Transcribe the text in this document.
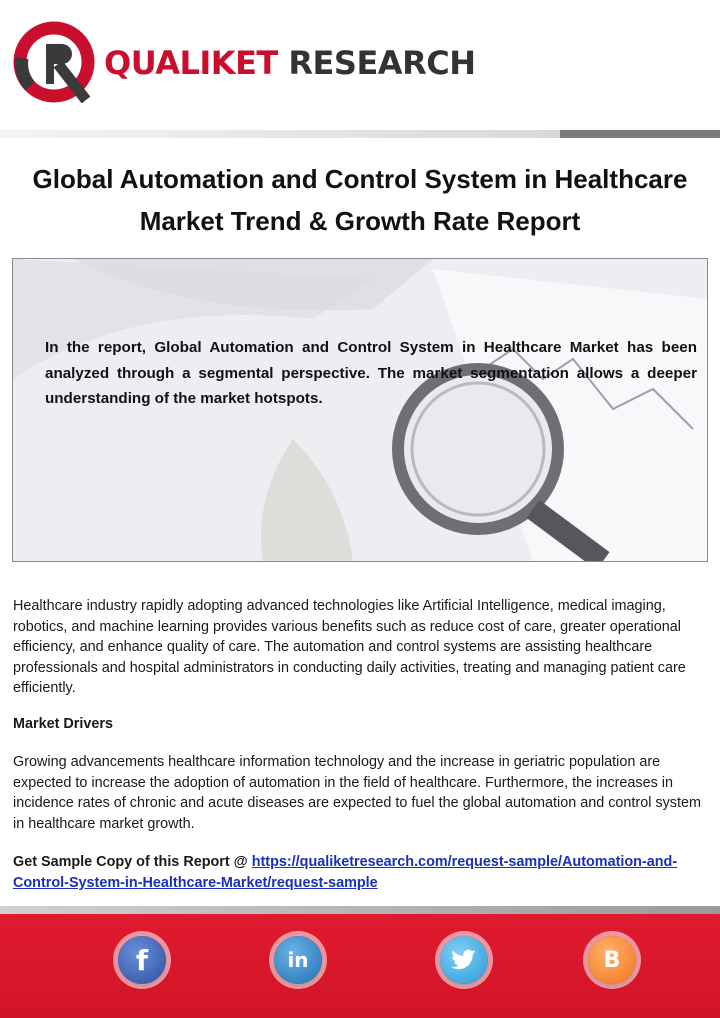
QUALIKET RESEARCH
Global Automation and Control System in Healthcare
Market Trend & Growth Rate Report
In the report, Global Automation and Control System in Healthcare Market has been analyzed through a segmental perspective. The market segmentation allows a deeper understanding of the market hotspots.
Healthcare industry rapidly adopting advanced technologies like Artificial Intelligence, medical imaging, robotics, and machine learning provides various benefits such as reduce cost of care, greater operational efficiency, and enhance quality of care. The automation and control systems are assisting healthcare professionals and hospital administrators in conducting daily activities, treating and managing patient care efficiently.
Market Drivers
Growing advancements healthcare information technology and the increase in geriatric population are expected to increase the adoption of automation in the field of healthcare. Furthermore, the increases in incidence rates of chronic and acute diseases are expected to fuel the global automation and control system in healthcare market growth.
Get Sample Copy of this Report @ https://qualiketresearch.com/request-sample/Automation-and-Control-System-in-Healthcare-Market/request-sample
f	in	B
